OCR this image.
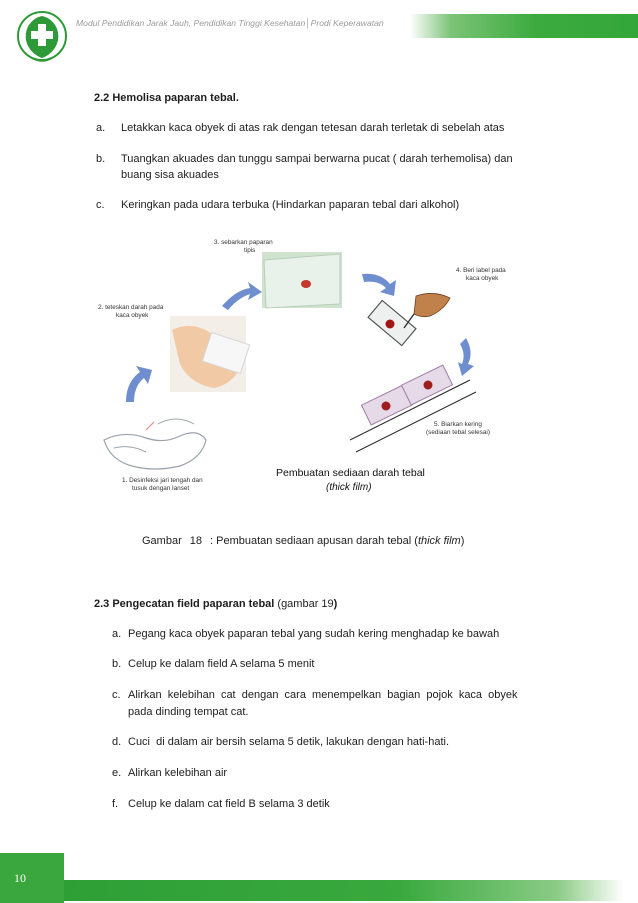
Modul Pendidikan Jarak Jauh, Pendidikan Tinggi Kesehatan│Prodi Keperawatan
2.2 Hemolisa paparan tebal.
a. Letakkan kaca obyek di atas rak dengan tetesan darah terletak di sebelah atas
b. Tuangkan akuades dan tunggu sampai berwarna pucat ( darah terhemolisa) dan
buang sisa akuades
c. Keringkan pada udara terbuka (Hindarkan paparan tebal dari alkohol)
3. sebarkan paparan
tipis
2. teteskan darah pada
kaca obyek
4. Beri label pada
kaca obyek
5. Biarkan kering
(sediaan tebal selesai)
1. Desinfeksi jari tengah dan
tusuk dengan lanset
Pembuatan sediaan darah tebal
(thick film)
Gambar 18 : Pembuatan sediaan apusan darah tebal (thick film)
2.3 Pengecatan field paparan tebal (gambar 19)
a. Pegang kaca obyek paparan tebal yang sudah kering menghadap ke bawah
b. Celup ke dalam field A selama 5 menit
c. Alirkan  kelebihan  cat  dengan  cara  menempelkan  bagian  pojok  kaca  obyek
pada dinding tempat cat.
d. Cuci  di dalam air bersih selama 5 detik, lakukan dengan hati-hati.
e. Alirkan kelebihan air
f. Celup ke dalam cat field B selama 3 detik
10
